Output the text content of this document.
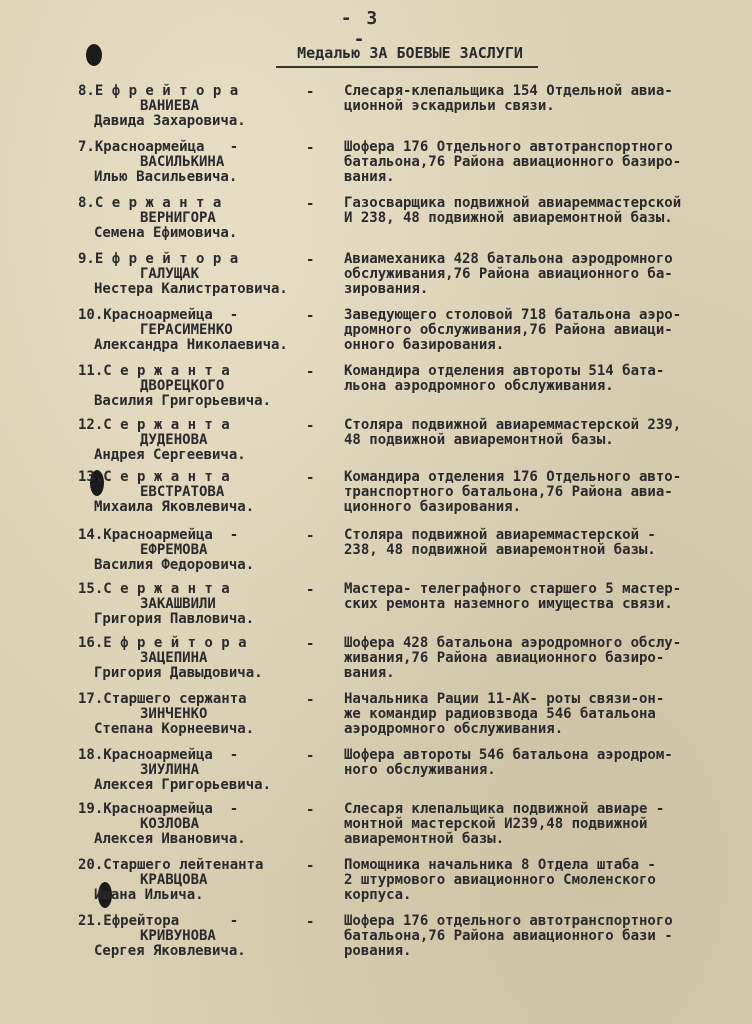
- 3 -
Медалью ЗА БОЕВЫЕ ЗАСЛУГИ
8.Е ф р е й т о р а
ВАНИЕВА
Давида Захаровича.
- Слесаря-клепальщика 154 Отдельной авиа-
ционной эскадрильи связи.
7.Красноармейца   -
ВАСИЛЬКИНА
Илью Васильевича.
- Шофера 176 Отдельного автотранспортного
батальона,76 Района авиационного базиро-
вания.
8.С е р ж а н т а
ВЕРНИГОРА
Семена Ефимовича.
- Газосварщика подвижной авиареммастерской
И 238, 48 подвижной авиаремонтной базы.
9.Е ф р е й т о р а
ГАЛУЩАК
Нестера Калистратовича.
- Авиамеханика 428 батальона аэродромного
обслуживания,76 Района авиационного ба-
зирования.
10.Красноармейца  -
ГЕРАСИМЕНКО
Александра Николаевича.
- Заведующего столовой 718 батальона аэро-
дромного обслуживания,76 Района авиаци-
онного базирования.
11.С е р ж а н т а
ДВОРЕЦКОГО
Василия Григорьевича.
- Командира отделения автороты 514 бата-
льона аэродромного обслуживания.
12.С е р ж а н т а
ДУДЕНОВА
Андрея Сергеевича.
- Столяра подвижной авиареммастерской 239,
48 подвижной авиаремонтной базы.
13.С е р ж а н т а
ЕВСТРАТОВА
Михаила Яковлевича.
- Командира отделения 176 Отдельного авто-
транспортного батальона,76 Района авиа-
ционного базирования.
14.Красноармейца  -
ЕФРЕМОВА
Василия Федоровича.
- Столяра подвижной авиареммастерской -
238, 48 подвижной авиаремонтной базы.
15.С е р ж а н т а
ЗАКАШВИЛИ
Григория Павловича.
- Мастера- телеграфного старшего 5 мастер-
ских ремонта наземного имущества связи.
16.Е ф р е й т о р а
ЗАЦЕПИНА
Григория Давыдовича.
- Шофера 428 батальона аэродромного обслу-
живания,76 Района авиационного базиро-
вания.
17.Старшего сержанта
ЗИНЧЕНКО
Степана Корнеевича.
- Начальника Рации 11-АК- роты связи-он-
же командир радиовзвода 546 батальона
аэродромного обслуживания.
18.Красноармейца  -
ЗИУЛИНА
Алексея Григорьевича.
- Шофера автороты 546 батальона аэродром-
ного обслуживания.
19.Красноармейца  -
КОЗЛОВА
Алексея Ивановича.
- Слесаря клепальщика подвижной авиаре -
монтной мастерской И239,48 подвижной
авиаремонтной базы.
20.Старшего лейтенанта
КРАВЦОВА
Ивана Ильича.
- Помощника начальника 8 Отдела штаба -
2 штурмового авиационного Смоленского
корпуса.
21.Ефрейтора      -
КРИВУНОВА
Сергея Яковлевича.
- Шофера 176 отдельного автотранспортного
батальона,76 Района авиационного бази -
рования.
